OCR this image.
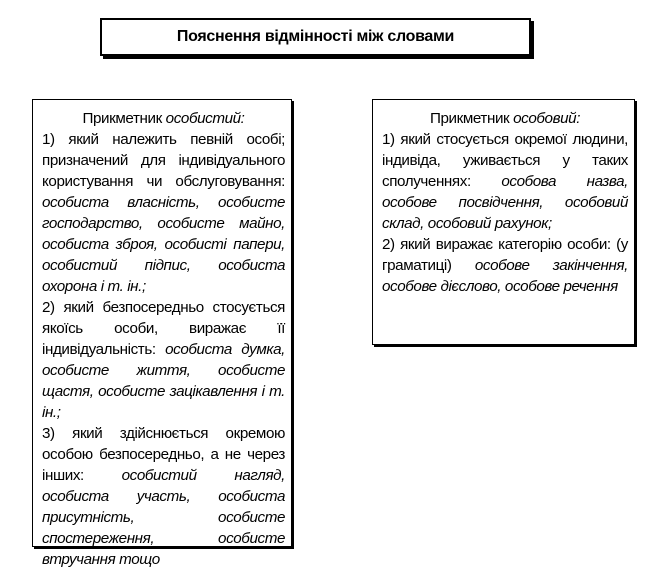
Пояснення відмінності між словами
Прикметник особистий:
1) який належить певній особі; призначений для індивідуального користування чи обслуговування: особиста власність, особисте господарство, особисте майно, особиста зброя, особисті папери, особистий підпис, особиста охорона і т. ін.;
2) який безпосередньо стосується якоїсь особи, виражає її індивідуальність: особиста думка, особисте життя, особисте щастя, особисте зацікавлення і т. ін.;
3) який здійснюється окремою особою безпосередньо, а не через інших: особистий нагляд, особиста участь, особиста присутність, особисте спостереження, особисте втручання тощо
Прикметник особовий:
1) який стосується окремої людини, індивіда, уживається у таких сполученнях: особова назва, особове посвідчення, особовий склад, особовий рахунок;
2) який виражає категорію особи: (у граматиці) особове закінчення, особове дієслово, особове речення
